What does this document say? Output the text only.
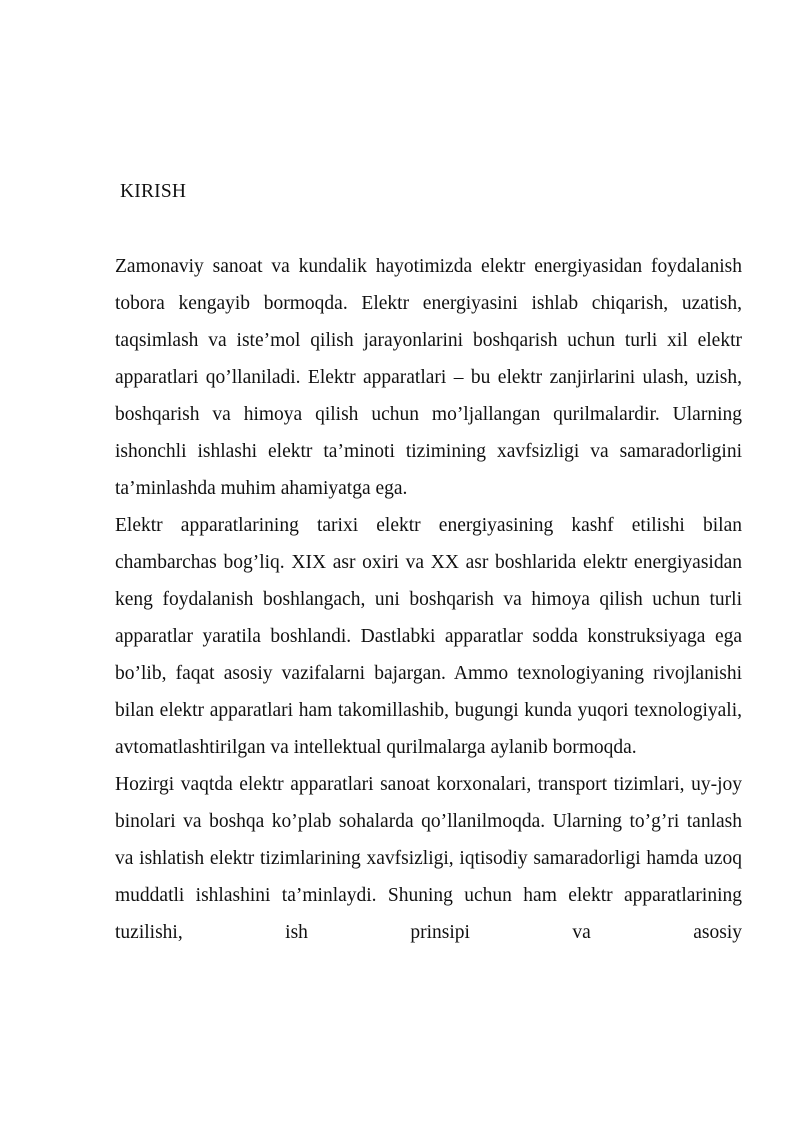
KIRISH

Zamonaviy sanoat va kundalik hayotimizda elektr energiyasidan foydalanish tobora kengayib bormoqda. Elektr energiyasini ishlab chiqarish, uzatish, taqsimlash va iste’mol qilish jarayonlarini boshqarish uchun turli xil elektr apparatlari qo’llaniladi. Elektr apparatlari – bu elektr zanjirlarini ulash, uzish, boshqarish va himoya qilish uchun mo’ljallangan qurilmalardir. Ularning ishonchli ishlashi elektr ta’minoti tizimining xavfsizligi va samaradorligini ta’minlashda muhim ahamiyatga ega.

Elektr apparatlarining tarixi elektr energiyasining kashf etilishi bilan chambarchas bog’liq. XIX asr oxiri va XX asr boshlarida elektr energiyasidan keng foydalanish boshlangach, uni boshqarish va himoya qilish uchun turli apparatlar yaratila boshlandi. Dastlabki apparatlar sodda konstruksiyaga ega bo’lib, faqat asosiy vazifalarni bajargan. Ammo texnologiyaning rivojlanishi bilan elektr apparatlari ham takomillashib, bugungi kunda yuqori texnologiyali, avtomatlashtirilgan va intellektual qurilmalarga aylanib bormoqda.

Hozirgi vaqtda elektr apparatlari sanoat korxonalari, transport tizimlari, uy-joy binolari va boshqa ko’plab sohalarda qo’llanilmoqda. Ularning to’g’ri tanlash va ishlatish elektr tizimlarining xavfsizligi, iqtisodiy samaradorligi hamda uzoq muddatli ishlashini ta’minlaydi. Shuning uchun ham elektr apparatlarining tuzilishi, ish prinsipi va asosiy
